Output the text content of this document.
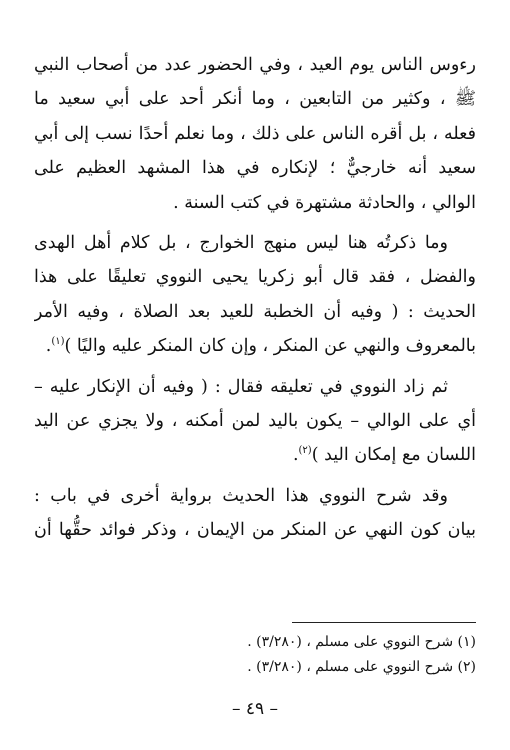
رءوس الناس يوم العيد ، وفي الحضور عدد من أصحاب النبي
ﷺ ، وكثير من التابعين ، وما أنكر أحد على أبي سعيد ما
فعله ، بل أقره الناس على ذلك ، وما نعلم أحدًا نسب إلى أبي
سعيد أنه خارجيٌّ ؛ لإنكاره في هذا المشهد العظيم على
الوالي ، والحادثة مشتهرة في كتب السنة .
وما ذكرتُه هنا ليس منهج الخوارج ، بل كلام أهل الهدى
والفضل ، فقد قال أبو زكريا يحيى النووي تعليقًا على هذا
الحديث : ( وفيه أن الخطبة للعيد بعد الصلاة ، وفيه الأمر
بالمعروف والنهي عن المنكر ، وإن كان المنكر عليه واليًا )$^{(١)}$.
ثم زاد النووي في تعليقه فقال : ( وفيه أن الإنكار عليه –
أي على الوالي – يكون باليد لمن أمكنه ، ولا يجزي عن اليد
اللسان مع إمكان اليد )$^{(٢)}$.
وقد شرح النووي هذا الحديث برواية أخرى في باب :
بيان كون النهي عن المنكر من الإيمان ، وذكر فوائد حقُّها أن
(١) شرح النووي على مسلم ، (٣/٢٨٠) .
(٢) شرح النووي على مسلم ، (٣/٢٨٠) .
– ٤٩ –
